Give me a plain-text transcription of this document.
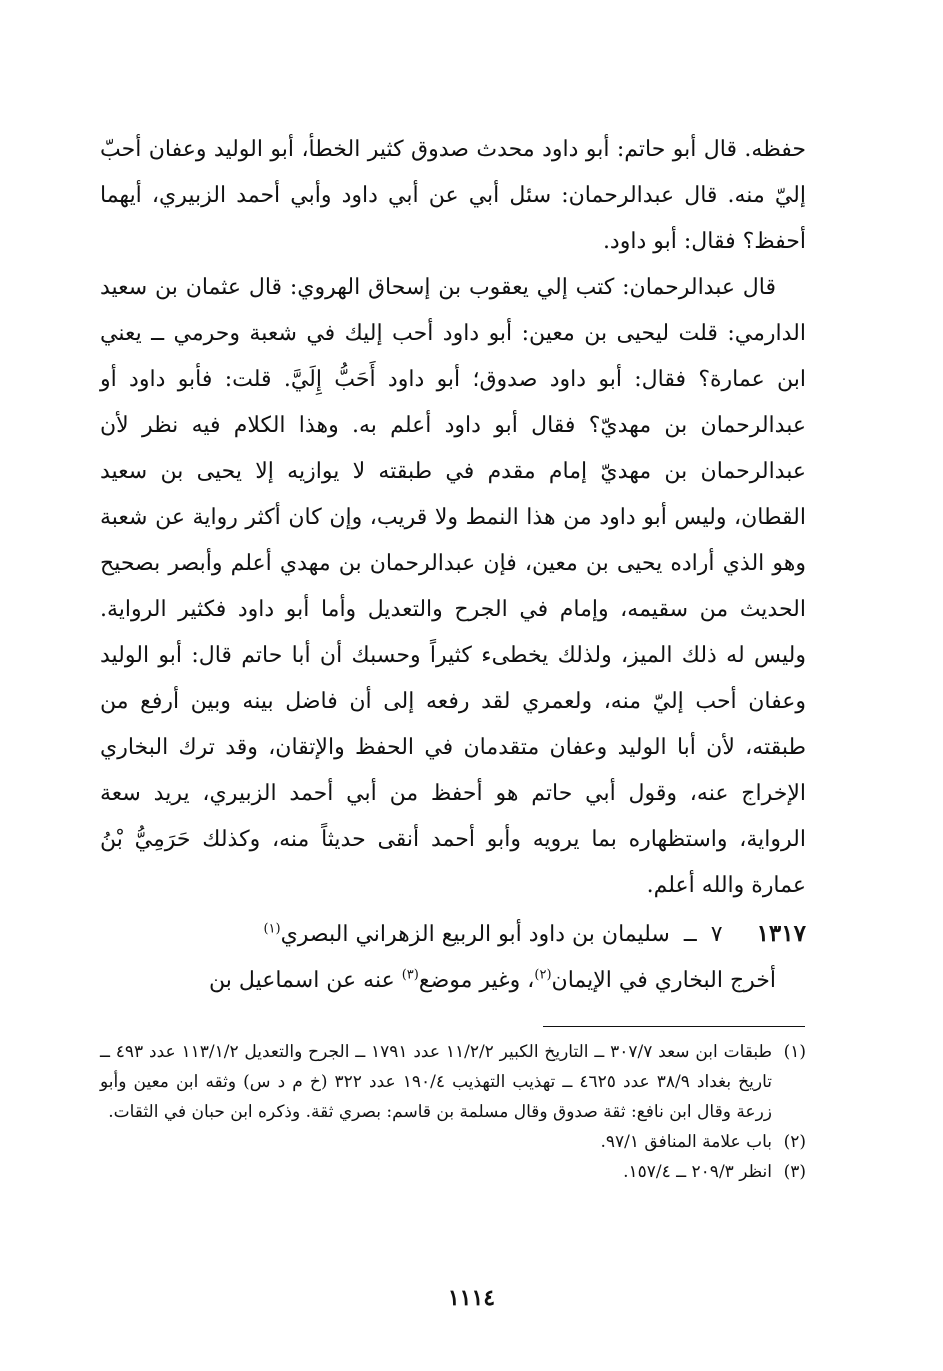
حفظه. قال أبو حاتم: أبو داود محدث صدوق كثير الخطأ، أبو الوليد وعفان أحبّ إليّ منه. قال عبدالرحمان: سئل أبي عن أبي داود وأبي أحمد الزبيري، أيهما أحفظ؟ فقال: أبو داود.

قال عبدالرحمان: كتب إلي يعقوب بن إسحاق الهروي: قال عثمان بن سعيد الدارمي: قلت ليحيى بن معين: أبو داود أحب إليك في شعبة وحرمي ــ يعني ابن عمارة؟ فقال: أبو داود صدوق؛ أبو داود أَحَبُّ إِلَيَّ. قلت: فأبو داود أو عبدالرحمان بن مهديّ؟ فقال أبو داود أعلم به. وهذا الكلام فيه نظر لأن عبدالرحمان بن مهديّ إمام مقدم في طبقته لا يوازيه إلا يحيى بن سعيد القطان، وليس أبو داود من هذا النمط ولا قريب، وإن كان أكثر رواية عن شعبة وهو الذي أراده يحيى بن معين، فإن عبدالرحمان بن مهدي أعلم وأبصر بصحيح الحديث من سقيمه، وإمام في الجرح والتعديل وأما أبو داود فكثير الرواية. وليس له ذلك الميز، ولذلك يخطىء كثيراً وحسبك أن أبا حاتم قال: أبو الوليد وعفان أحب إليّ منه، ولعمري لقد رفعه إلى أن فاضل بينه وبين أرفع من طبقته، لأن أبا الوليد وعفان متقدمان في الحفظ والإتقان، وقد ترك البخاري الإخراج عنه، وقول أبي حاتم هو أحفظ من أبي أحمد الزبيري، يريد سعة الرواية، واستظهاره بما يرويه وأبو أحمد أنقى حديثاً منه، وكذلك حَرَمِيُّ بْنُ عمارة والله أعلم.

١٣١٧
٧
ــ
سليمان بن داود أبو الربيع الزهراني البصري$^{(١)}$

أخرج البخاري في الإيمان$^{(٢)}$، وغير موضع$^{(٣)}$ عنه عن اسماعيل بن

(١)
طبقات ابن سعد ٣٠٧/٧ ــ التاريخ الكبير ١١/٢/٢ عدد ١٧٩١ ــ الجرح والتعديل ١١٣/١/٢ عدد ٤٩٣ ــ تاريخ بغداد ٣٨/٩ عدد ٤٦٢٥ ــ تهذيب التهذيب ١٩٠/٤ عدد ٣٢٢ (خ م د س) وثقه ابن معين وأبو زرعة وقال ابن نافع: ثقة صدوق وقال مسلمة بن قاسم: بصري ثقة. وذكره ابن حبان في الثقات.
(٢)
باب علامة المنافق ٩٧/١.
(٣)
انظر ٢٠٩/٣ ــ ١٥٧/٤.
١١١٤
